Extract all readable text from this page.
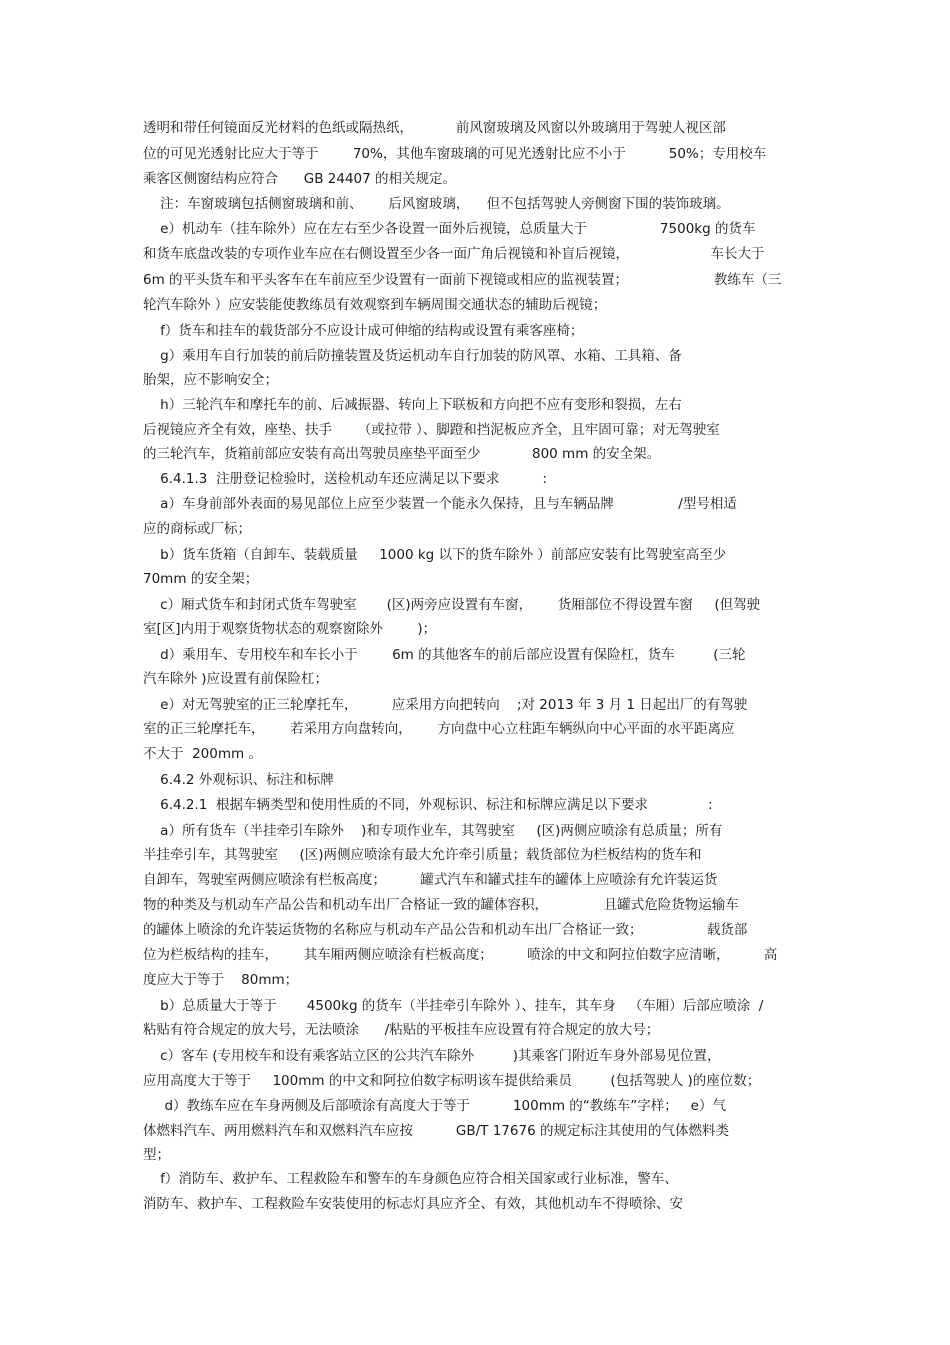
透明和带任何镜面反光材料的色纸或隔热纸，          前风窗玻璃及风窗以外玻璃用于驾驶人视区部
位的可见光透射比应大于等于        70%，其他车窗玻璃的可见光透射比应不小于          50%；专用校车
乘客区侧窗结构应符合      GB 24407 的相关规定。
注：车窗玻璃包括侧窗玻璃和前、      后风窗玻璃，    但不包括驾驶人旁侧窗下围的装饰玻璃。
e）机动车（挂车除外）应在左右至少各设置一面外后视镜，总质量大于                 7500kg 的货车
和货车底盘改装的专项作业车应在右侧设置至少各一面广角后视镜和补盲后视镜，                   车长大于
6m 的平头货车和平头客车在车前应至少设置有一面前下视镜或相应的监视装置；                    教练车（三
轮汽车除外 ）应安装能使教练员有效观察到车辆周围交通状态的辅助后视镜；
f）货车和挂车的载货部分不应设计成可伸缩的结构或设置有乘客座椅；
g）乘用车自行加装的前后防撞装置及货运机动车自行加装的防风罩、水箱、工具箱、备
胎架，应不影响安全；
h）三轮汽车和摩托车的前、后减振器、转向上下联板和方向把不应有变形和裂损，左右
后视镜应齐全有效，座垫、扶手      （或拉带 ）、脚蹬和挡泥板应齐全，且牢固可靠；对无驾驶室
的三轮汽车，货箱前部应安装有高出驾驶员座垫平面至少            800 mm 的安全架。
6.4.1.3  注册登记检验时，送检机动车还应满足以下要求          :
a）车身前部外表面的易见部位上应至少装置一个能永久保持，且与车辆品牌               /型号相适
应的商标或厂标；
b）货车货箱（自卸车、装载质量     1000 kg 以下的货车除外 ）前部应安装有比驾驶室高至少
70mm 的安全架；
c）厢式货车和封闭式货车驾驶室       (区)两旁应设置有车窗，      货厢部位不得设置车窗     (但驾驶
室[区]内用于观察货物状态的观察窗除外        )；
d）乘用车、专用校车和车长小于        6m 的其他客车的前后部应设置有保险杠，货车         (三轮
汽车除外 )应设置有前保险杠；
e）对无驾驶室的正三轮摩托车，        应采用方向把转向    ;对 2013 年 3 月 1 日起出厂的有驾驶
室的正三轮摩托车，      若采用方向盘转向，      方向盘中心立柱距车辆纵向中心平面的水平距离应
不大于  200mm 。
6.4.2 外观标识、标注和标牌
6.4.2.1  根据车辆类型和使用性质的不同，外观标识、标注和标牌应满足以下要求              :
a）所有货车（半挂牵引车除外    )和专项作业车，其驾驶室     (区)两侧应喷涂有总质量；所有
半挂牵引车，其驾驶室     (区)两侧应喷涂有最大允许牵引质量；载货部位为栏板结构的货车和
自卸车，驾驶室两侧应喷涂有栏板高度；        罐式汽车和罐式挂车的罐体上应喷涂有允许装运货
物的种类及与机动车产品公告和机动车出厂合格证一致的罐体容积，             且罐式危险货物运输车
的罐体上喷涂的允许装运货物的名称应与机动车产品公告和机动车出厂合格证一致；               载货部
位为栏板结构的挂车，      其车厢两侧应喷涂有栏板高度；        喷涂的中文和阿拉伯数字应清晰，        高
度应大于等于    80mm；
b）总质量大于等于       4500kg 的货车（半挂牵引车除外 ）、挂车，其车身   （车厢）后部应喷涂  /
粘贴有符合规定的放大号，无法喷涂      /粘贴的平板挂车应设置有符合规定的放大号；
c）客车 (专用校车和设有乘客站立区的公共汽车除外         )其乘客门附近车身外部易见位置，
应用高度大于等于     100mm 的中文和阿拉伯数字标明该车提供给乘员         (包括驾驶人 )的座位数；
d）教练车应在车身两侧及后部喷涂有高度大于等于          100mm 的“教练车”字样；   e）气
体燃料汽车、两用燃料汽车和双燃料汽车应按          GB/T 17676 的规定标注其使用的气体燃料类
型；
f）消防车、救护车、工程救险车和警车的车身颜色应符合相关国家或行业标准，警车、
消防车、救护车、工程救险车安装使用的标志灯具应齐全、有效，其他机动车不得喷徐、安
